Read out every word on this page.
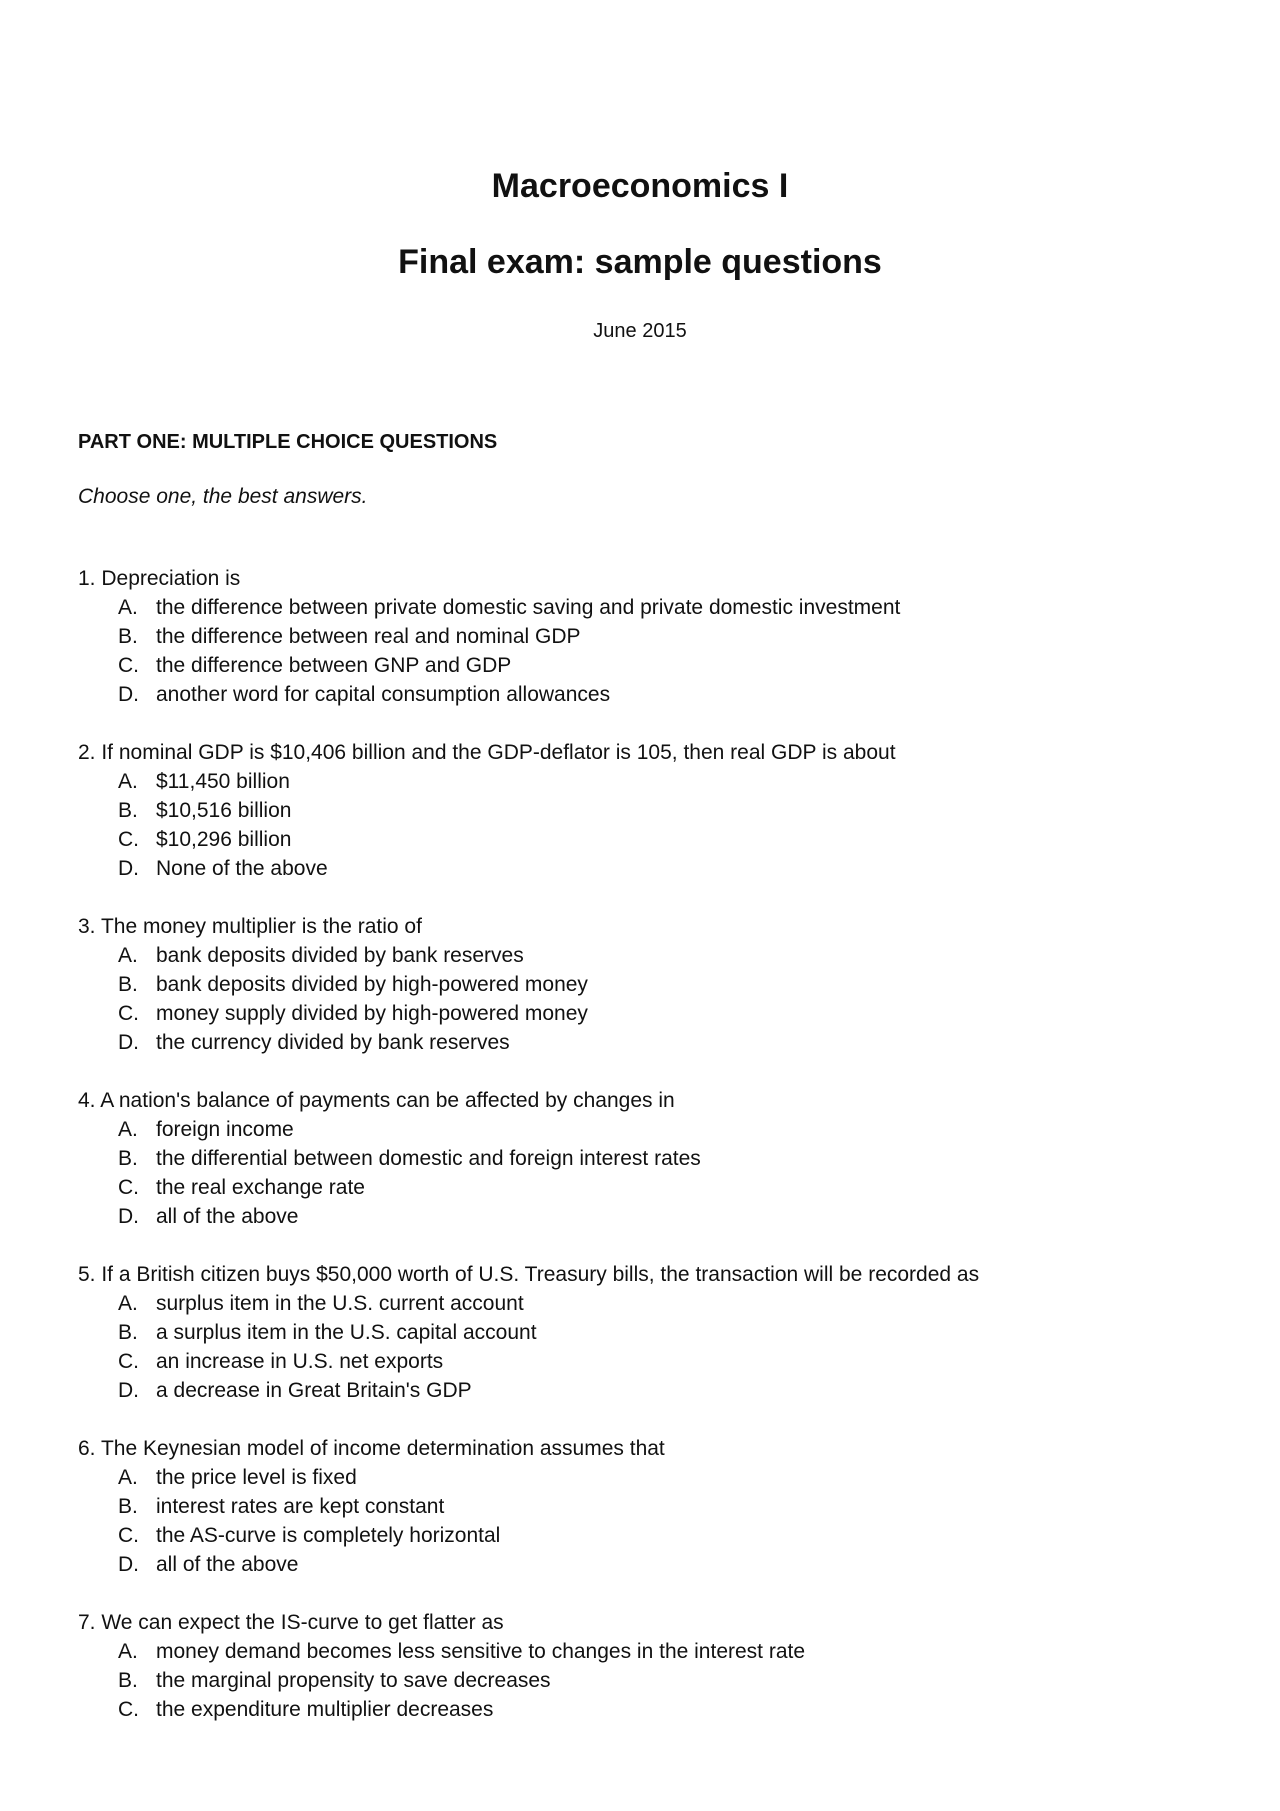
Macroeconomics I
Final exam: sample questions
June 2015
PART ONE: MULTIPLE CHOICE QUESTIONS
Choose one, the best answers.
1. Depreciation is
A. the difference between private domestic saving and private domestic investment
B. the difference between real and nominal GDP
C. the difference between GNP and GDP
D. another word for capital consumption allowances
2. If nominal GDP is $10,406 billion and the GDP-deflator is 105, then real GDP is about
A. $11,450 billion
B. $10,516 billion
C. $10,296 billion
D. None of the above
3. The money multiplier is the ratio of
A. bank deposits divided by bank reserves
B. bank deposits divided by high-powered money
C. money supply divided by high-powered money
D. the currency divided by bank reserves
4. A nation's balance of payments can be affected by changes in
A. foreign income
B. the differential between domestic and foreign interest rates
C. the real exchange rate
D. all of the above
5. If a British citizen buys $50,000 worth of U.S. Treasury bills, the transaction will be recorded as
A. surplus item in the U.S. current account
B. a surplus item in the U.S. capital account
C. an increase in U.S. net exports
D. a decrease in Great Britain's GDP
6. The Keynesian model of income determination assumes that
A. the price level is fixed
B. interest rates are kept constant
C. the AS-curve is completely horizontal
D. all of the above
7. We can expect the IS-curve to get flatter as
A. money demand becomes less sensitive to changes in the interest rate
B. the marginal propensity to save decreases
C. the expenditure multiplier decreases
